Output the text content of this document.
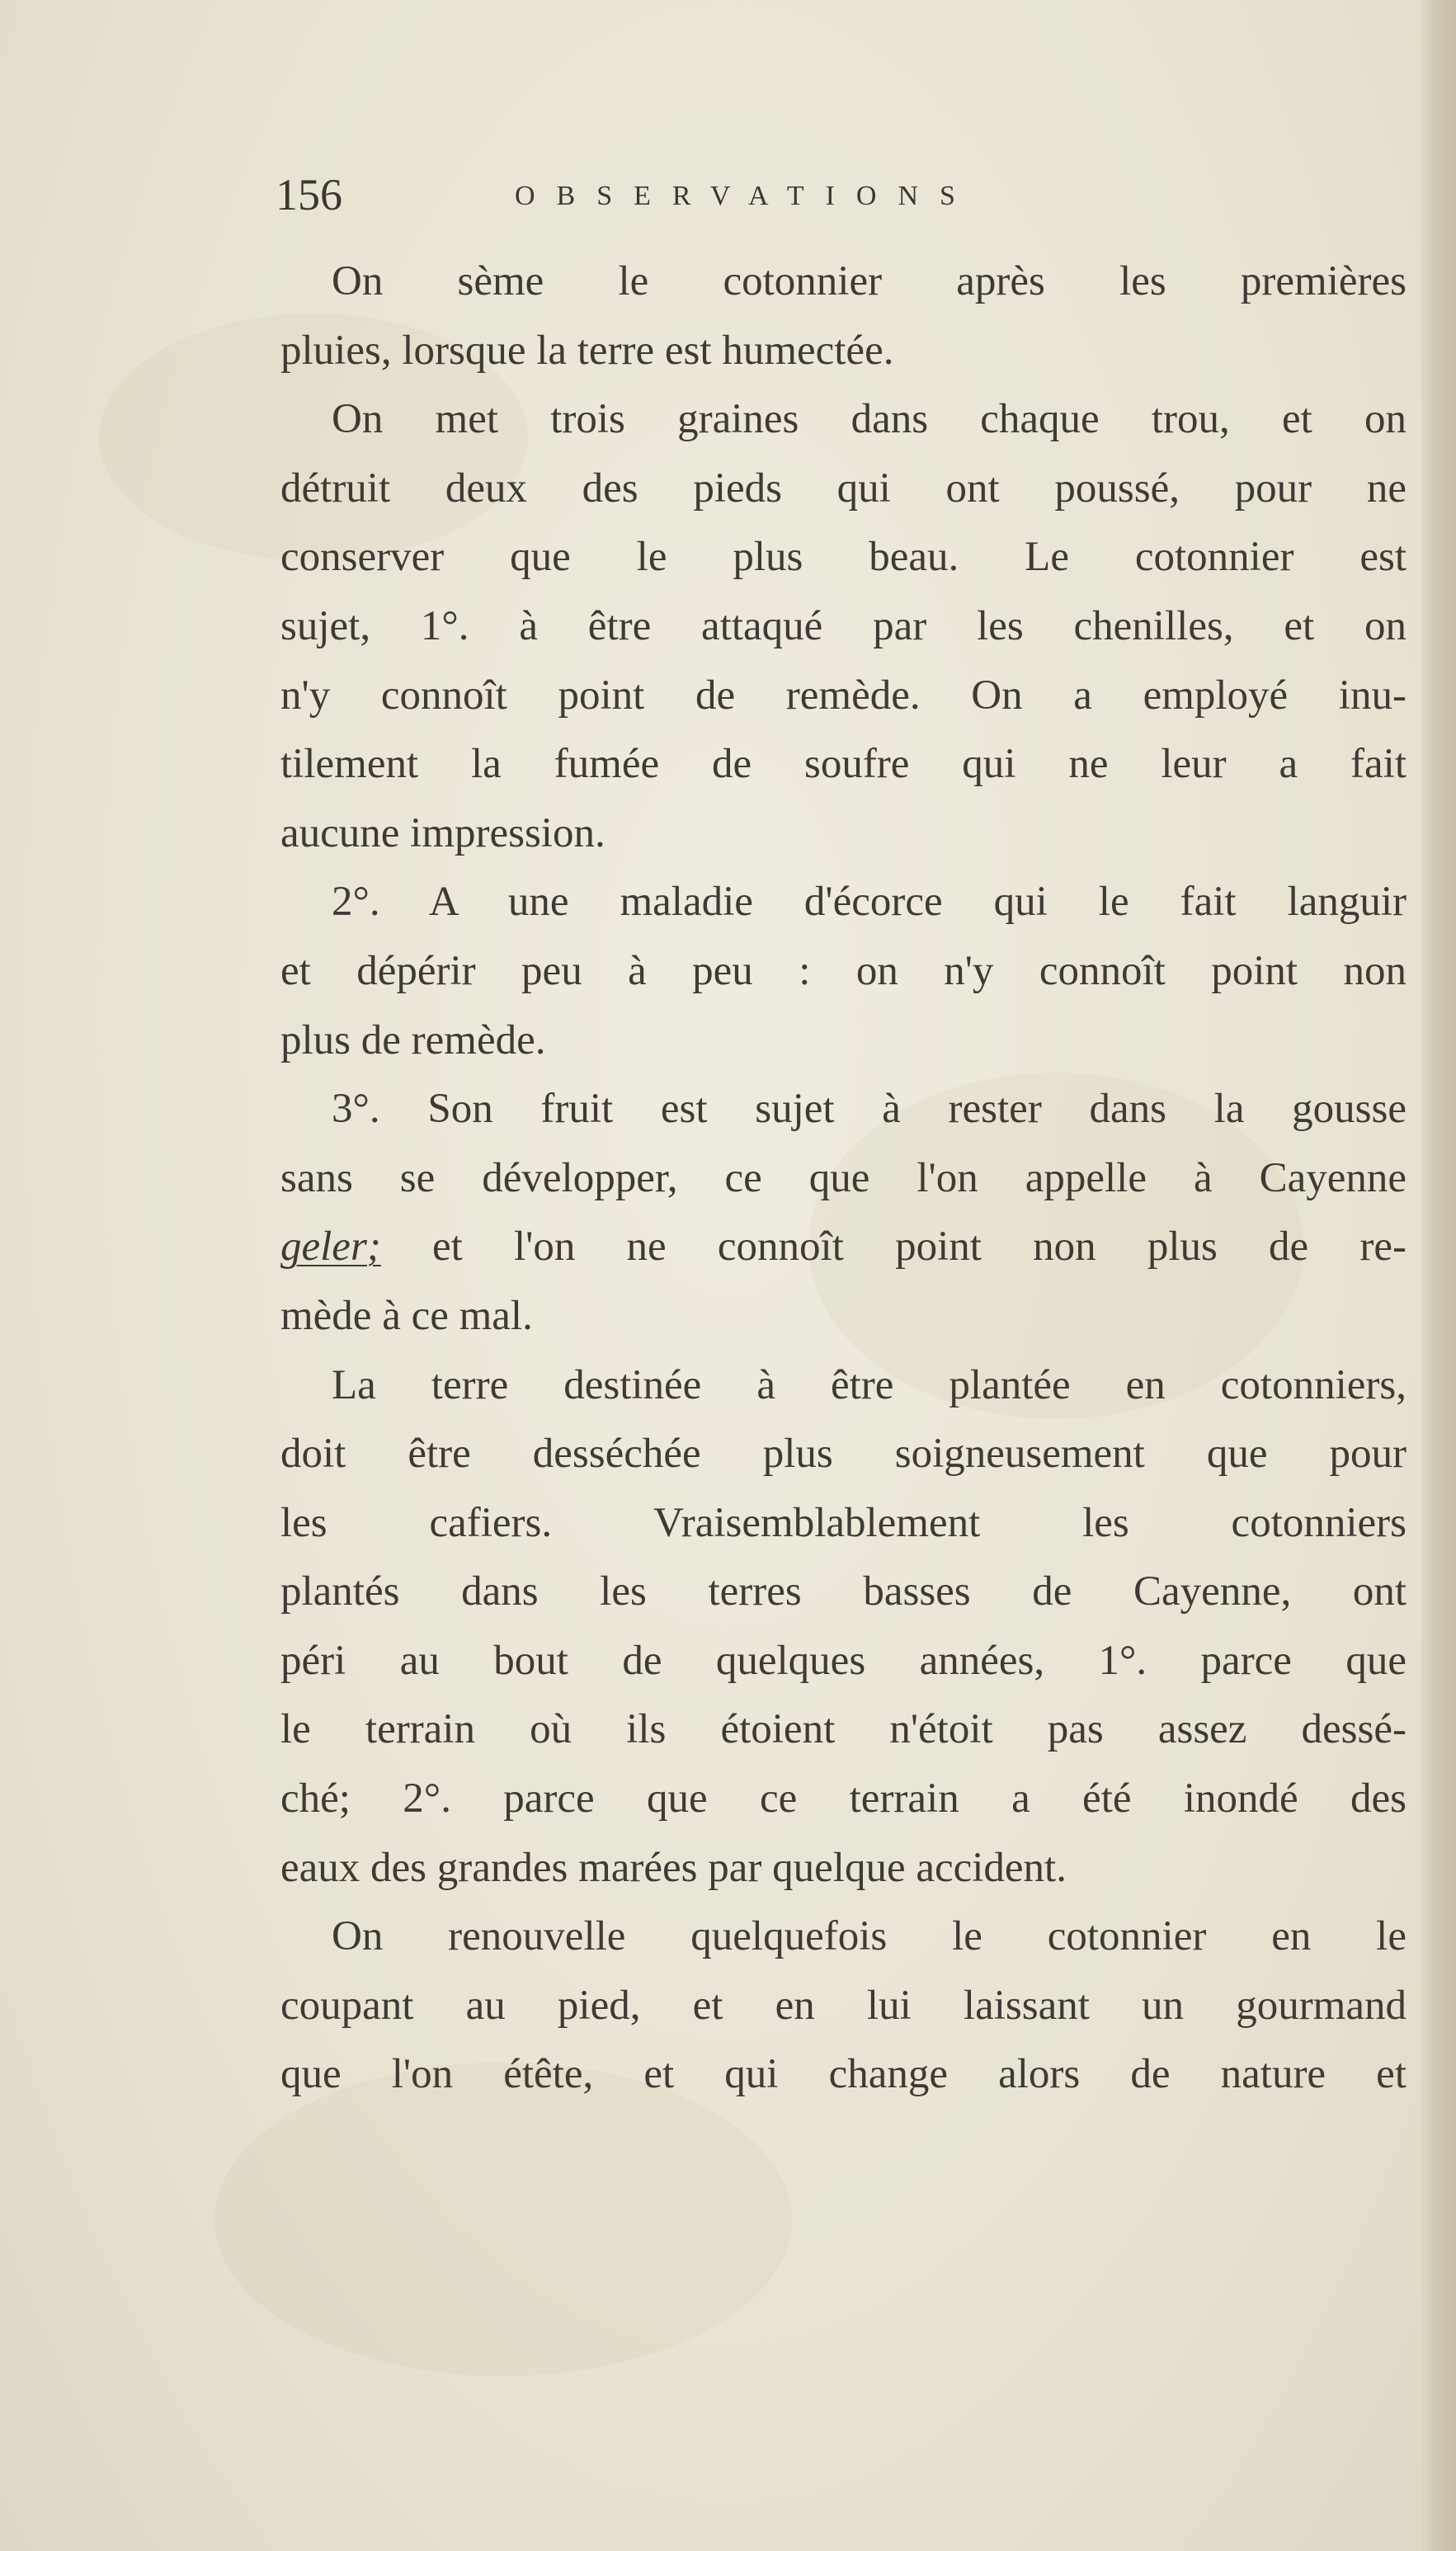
156	OBSERVATIONS
On sème le cotonnier après les premières
pluies, lorsque la terre est humectée.
On met trois graines dans chaque trou, et on
détruit deux des pieds qui ont poussé, pour ne
conserver que le plus beau. Le cotonnier est
sujet, 1°. à être attaqué par les chenilles, et on
n'y connoît point de remède. On a employé inu-
tilement la fumée de soufre qui ne leur a fait
aucune impression.
2°. A une maladie d'écorce qui le fait languir
et dépérir peu à peu : on n'y connoît point non
plus de remède.
3°. Son fruit est sujet à rester dans la gousse
sans se développer, ce que l'on appelle à Cayenne
geler; et l'on ne connoît point non plus de re-
mède à ce mal.
La terre destinée à être plantée en cotonniers,
doit être desséchée plus soigneusement que pour
les cafiers. Vraisemblablement les cotonniers
plantés dans les terres basses de Cayenne, ont
péri au bout de quelques années, 1°. parce que
le terrain où ils étoient n'étoit pas assez dessé-
ché; 2°. parce que ce terrain a été inondé des
eaux des grandes marées par quelque accident.
On renouvelle quelquefois le cotonnier en le
coupant au pied, et en lui laissant un gourmand
que l'on étête, et qui change alors de nature et
